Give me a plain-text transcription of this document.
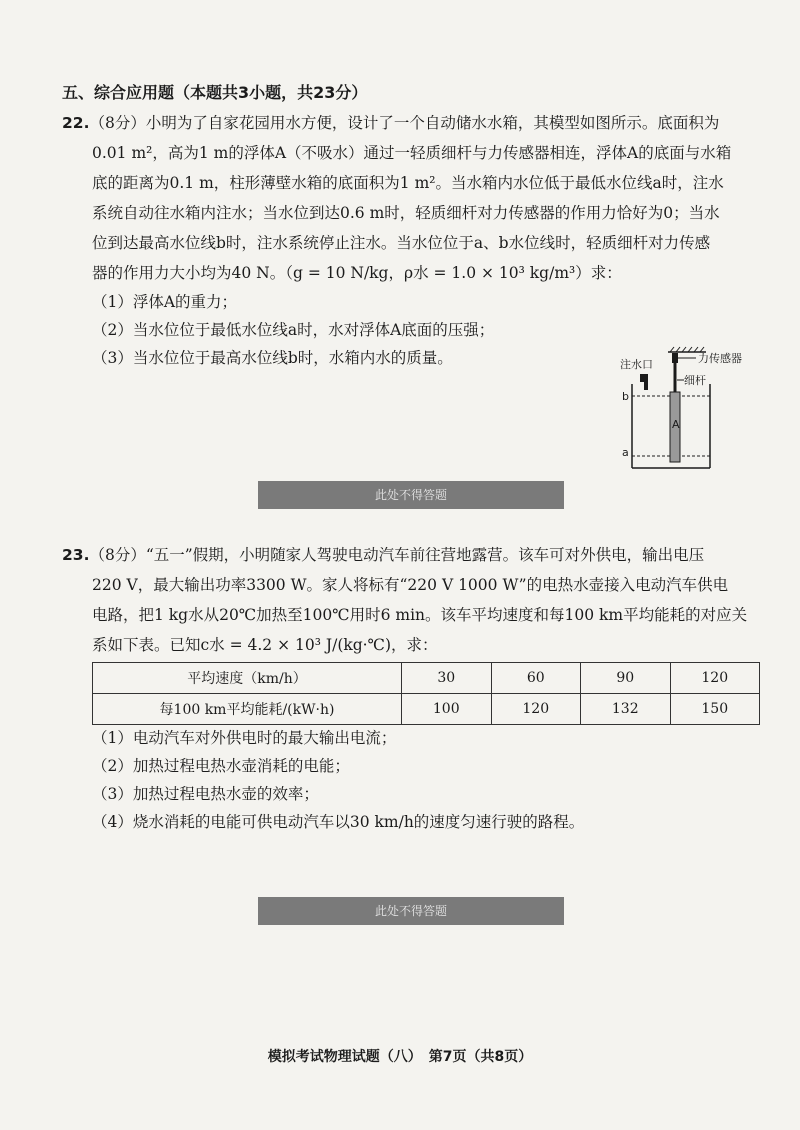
五、综合应用题（本题共3小题，共23分）
22.（8分）小明为了自家花园用水方便，设计了一个自动储水水箱，其模型如图所示。底面积为
0.01 m²，高为1 m的浮体A（不吸水）通过一轻质细杆与力传感器相连，浮体A的底面与水箱
底的距离为0.1 m，柱形薄壁水箱的底面积为1 m²。当水箱内水位低于最低水位线a时，注水
系统自动往水箱内注水；当水位到达0.6 m时，轻质细杆对力传感器的作用力恰好为0；当水
位到达最高水位线b时，注水系统停止注水。当水位位于a、b水位线时，轻质细杆对力传感
器的作用力大小均为40 N。（g = 10 N/kg，ρ水 = 1.0 × 10³ kg/m³）求：
（1）浮体A的重力；
（2）当水位位于最低水位线a时，水对浮体A底面的压强；
（3）当水位位于最高水位线b时，水箱内水的质量。	力传感器
注水口
细杆
b
a
A
此处不得答题
23.（8分）“五一”假期，小明随家人驾驶电动汽车前往营地露营。该车可对外供电，输出电压
220 V，最大输出功率3300 W。家人将标有“220 V 1000 W”的电热水壶接入电动汽车供电
电路，把1 kg水从20℃加热至100℃用时6 min。该车平均速度和每100 km平均能耗的对应关
系如下表。已知c水 = 4.2 × 10³ J/(kg·℃)，求：
平均速度（km/h）	30	60	90	120
每100 km平均能耗/(kW·h)	100	120	132	150
（1）电动汽车对外供电时的最大输出电流；
（2）加热过程电热水壶消耗的电能；
（3）加热过程电热水壶的效率；
（4）烧水消耗的电能可供电动汽车以30 km/h的速度匀速行驶的路程。
此处不得答题
模拟考试物理试题（八）　第7页（共8页）
